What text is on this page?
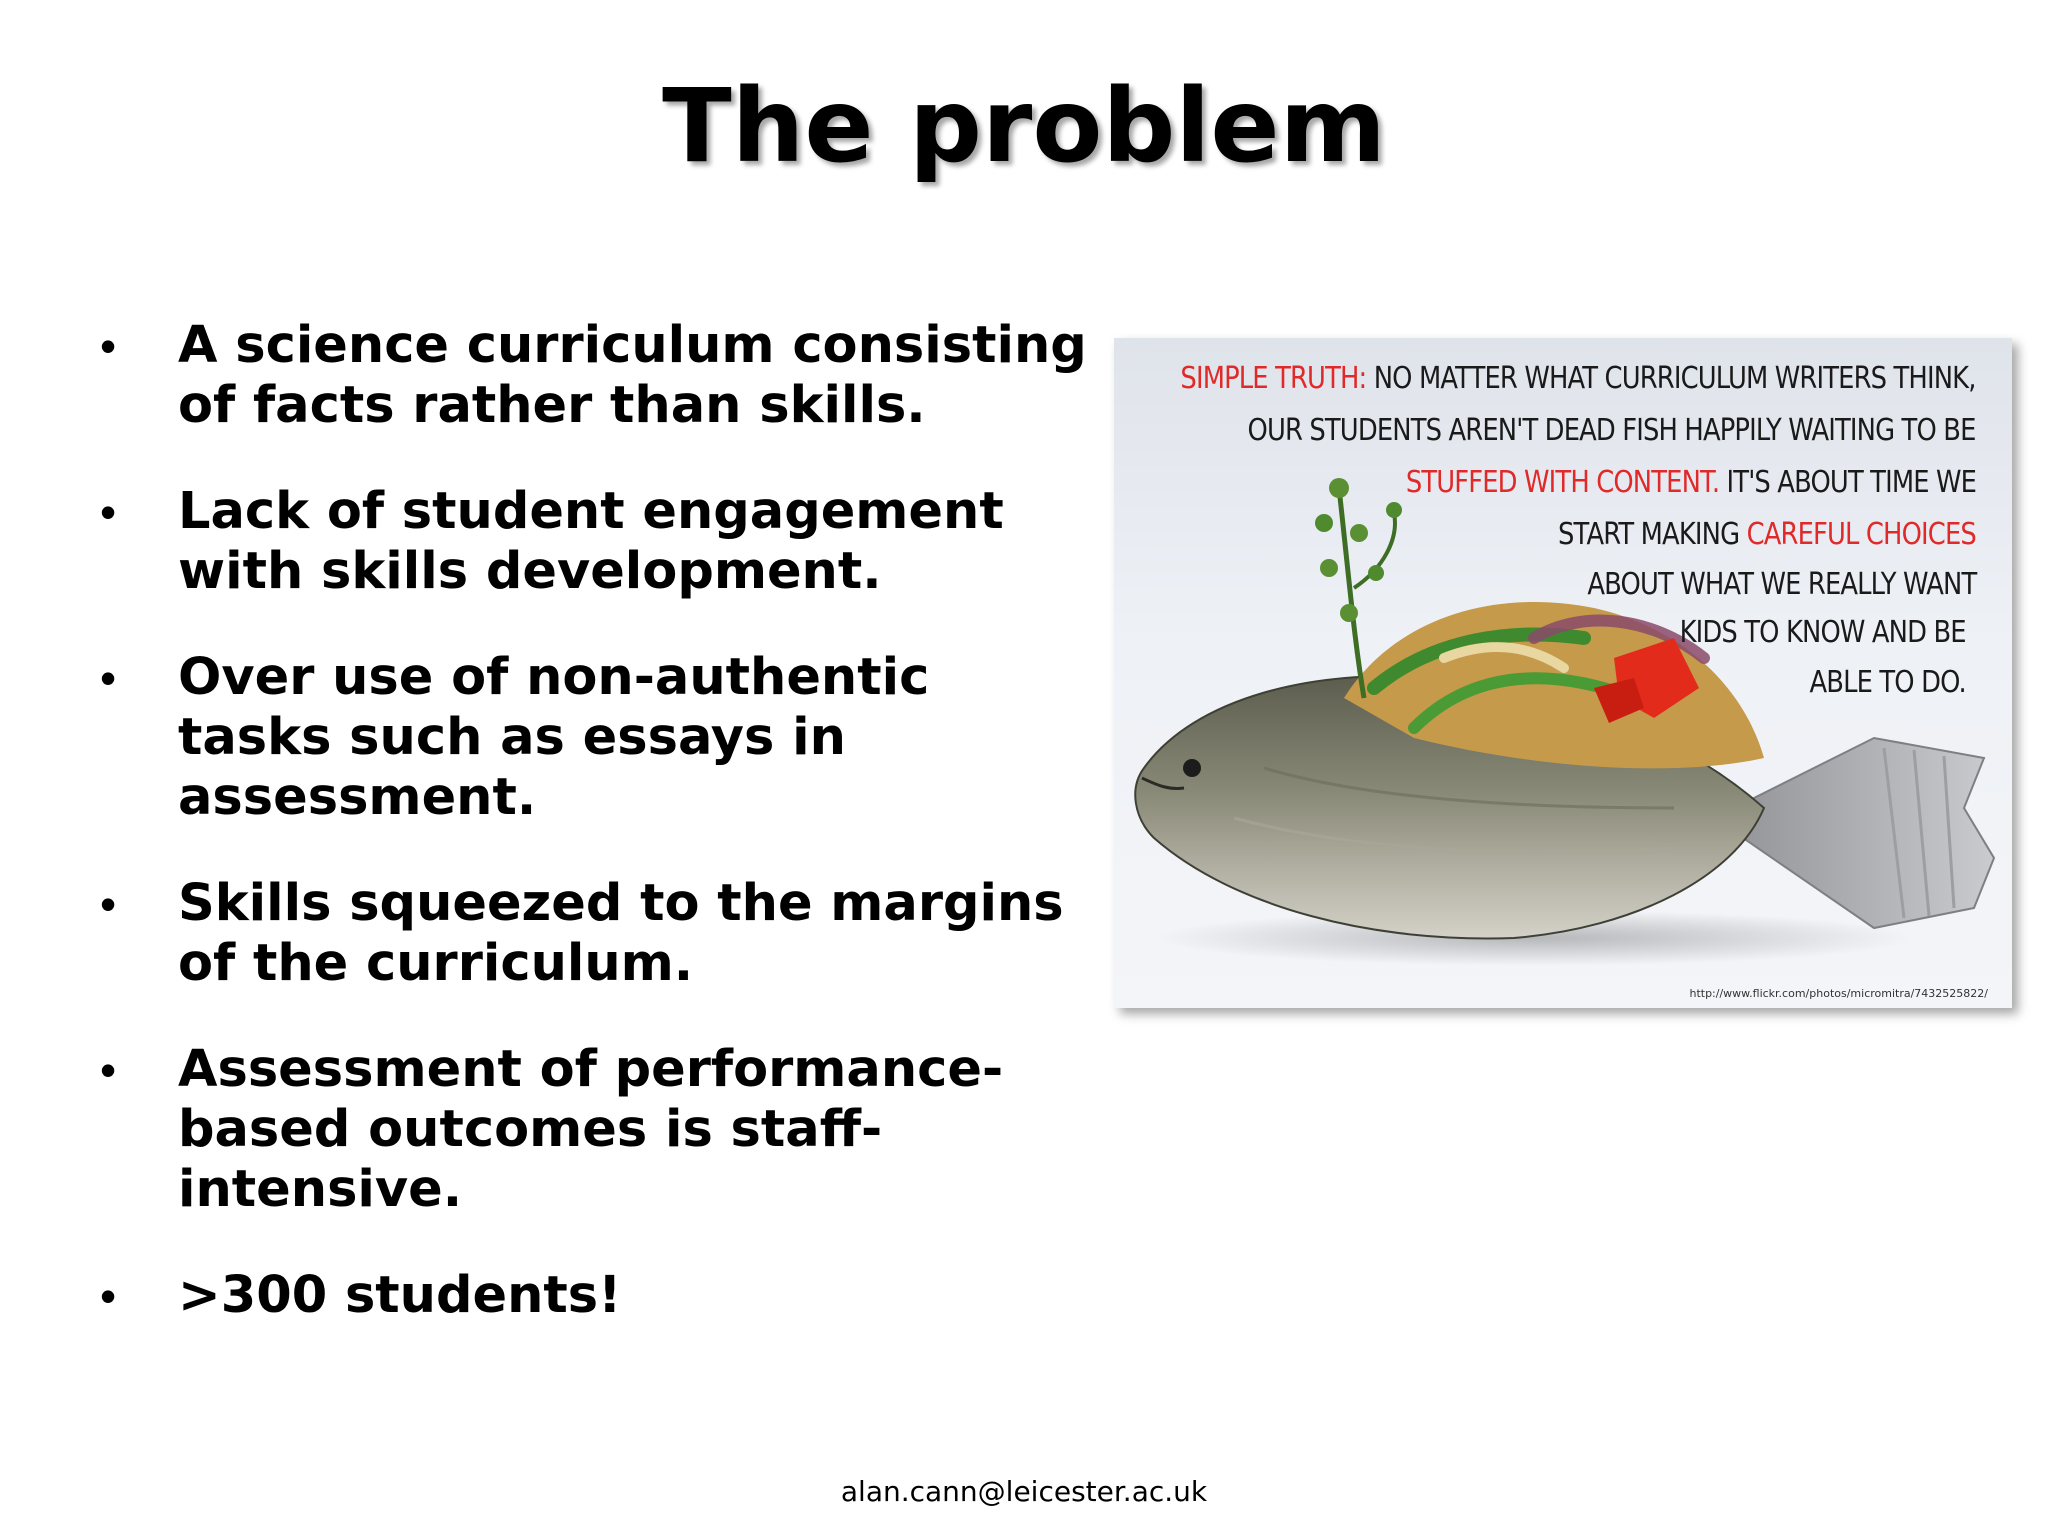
The problem
• A science curriculum consisting of facts rather than skills.
• Lack of student engagement with skills development.
• Over use of non-authentic tasks such as essays in assessment.
• Skills squeezed to the margins of the curriculum.
• Assessment of performance-based outcomes is staff-intensive.
• >300 students!
SIMPLE TRUTH: NO MATTER WHAT CURRICULUM WRITERS THINK,
OUR STUDENTS AREN'T DEAD FISH HAPPILY WAITING TO BE
STUFFED WITH CONTENT. IT'S ABOUT TIME WE
START MAKING CAREFUL CHOICES
ABOUT WHAT WE REALLY WANT
KIDS TO KNOW AND BE
ABLE TO DO.
http://www.flickr.com/photos/micromitra/7432525822/
alan.cann@leicester.ac.uk
